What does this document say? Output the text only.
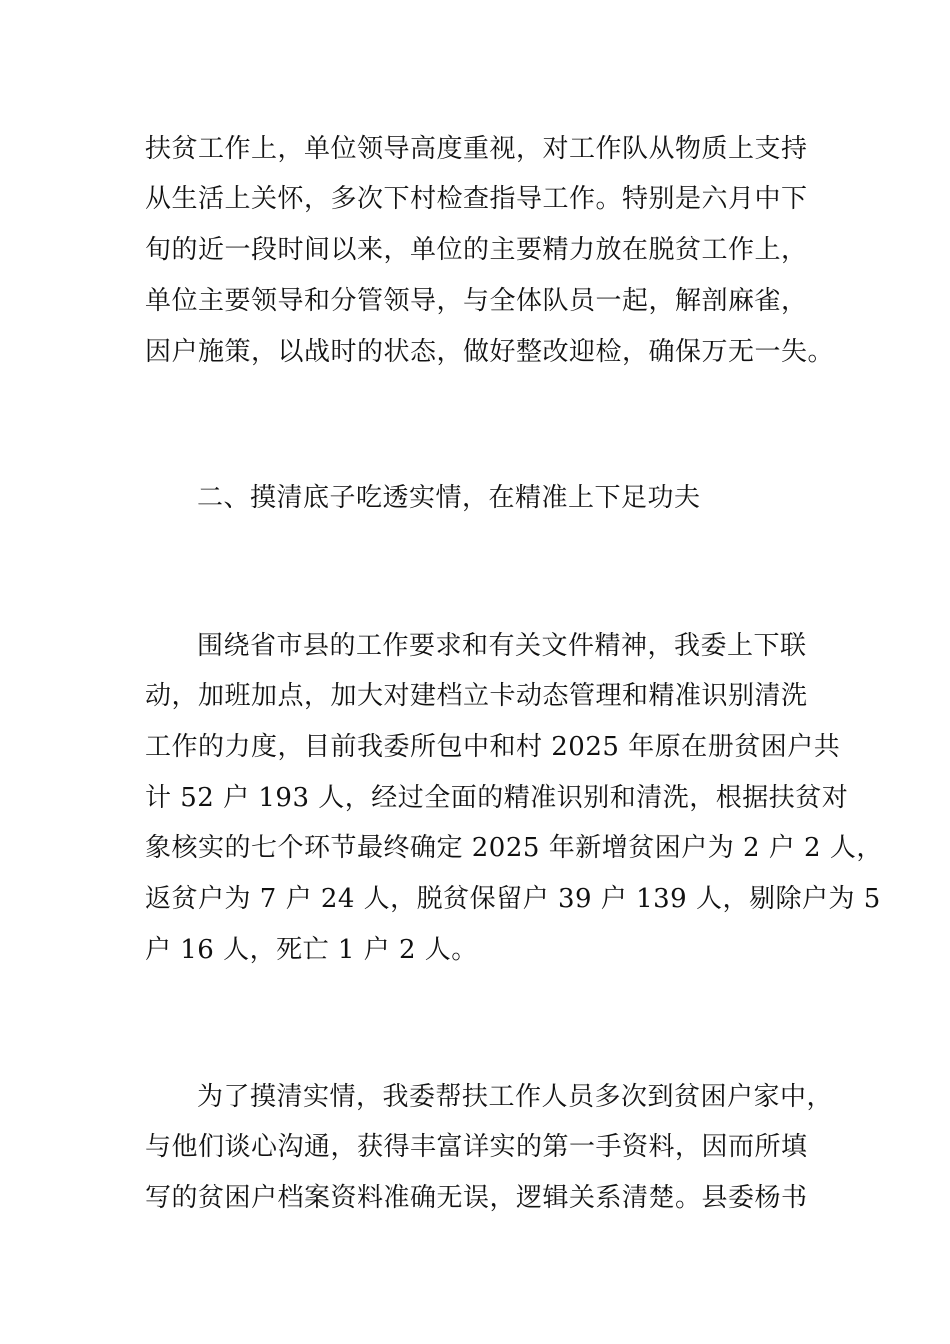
扶贫工作上，单位领导高度重视，对工作队从物质上支持
从生活上关怀，多次下村检查指导工作。特别是六月中下
旬的近一段时间以来，单位的主要精力放在脱贫工作上，
单位主要领导和分管领导，与全体队员一起，解剖麻雀，
因户施策，以战时的状态，做好整改迎检，确保万无一失。
二、摸清底子吃透实情，在精准上下足功夫
围绕省市县的工作要求和有关文件精神，我委上下联
动，加班加点，加大对建档立卡动态管理和精准识别清洗
工作的力度，目前我委所包中和村 2025 年原在册贫困户共
计 52 户 193 人，经过全面的精准识别和清洗，根据扶贫对
象核实的七个环节最终确定 2025 年新增贫困户为 2 户 2 人，
返贫户为 7 户 24 人，脱贫保留户 39 户 139 人，剔除户为 5
户 16 人，死亡 1 户 2 人。
为了摸清实情，我委帮扶工作人员多次到贫困户家中，
与他们谈心沟通，获得丰富详实的第一手资料，因而所填
写的贫困户档案资料准确无误，逻辑关系清楚。县委杨书
